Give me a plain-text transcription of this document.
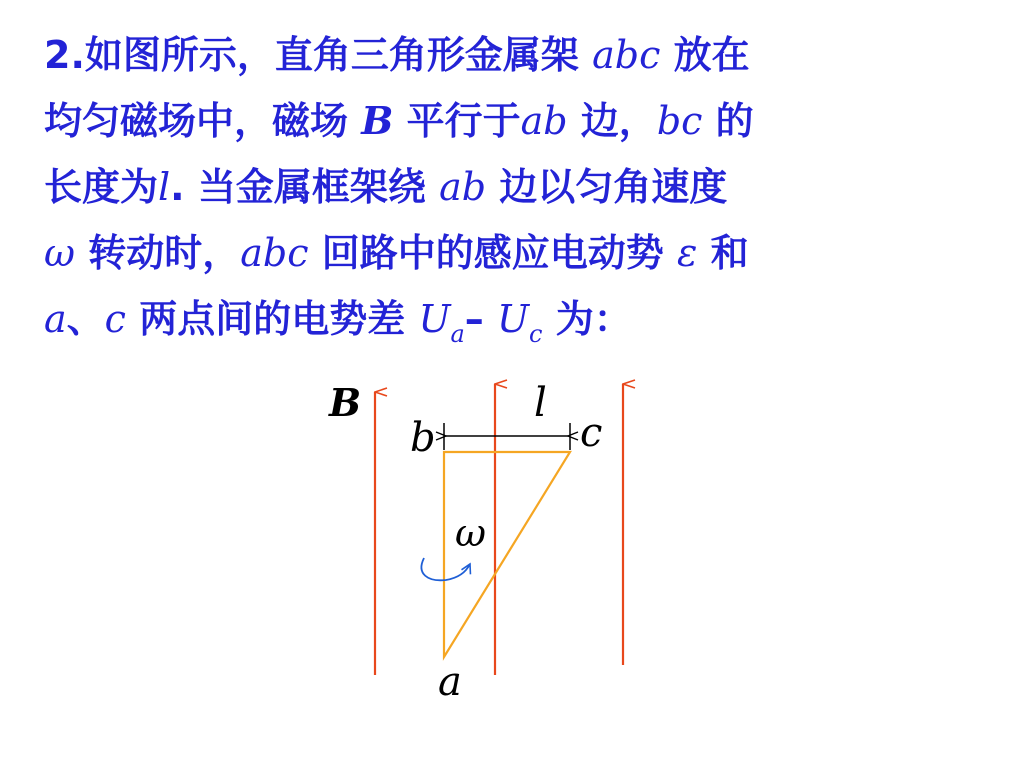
2.如图所示，直角三角形金属架 abc 放在
均匀磁场中，磁场 B 平行于ab 边，bc 的
长度为l. 当金属框架绕 ab 边以匀角速度
ω 转动时，abc 回路中的感应电动势 ε 和
a、c 两点间的电势差 $U_a-$ $U_c$ 为：
B	l
b	c
ω
a
